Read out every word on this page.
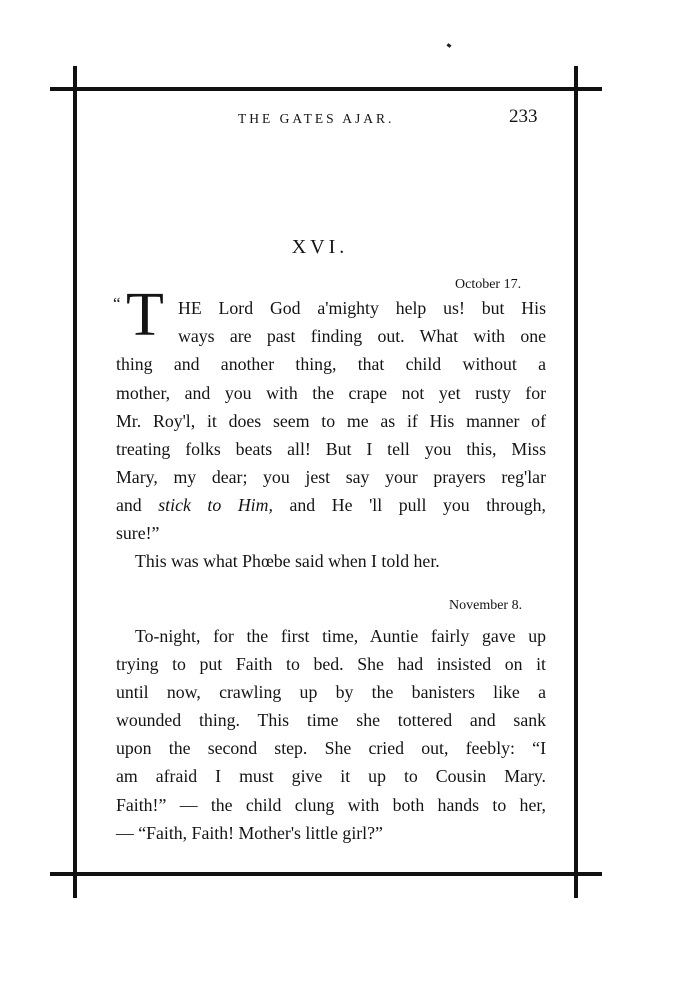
THE GATES AJAR.	233
XVI.
October 17.
“ T HE Lord God a'mighty help us! but His
ways are past finding out. What with one
thing and another thing, that child without a
mother, and you with the crape not yet rusty for
Mr. Roy'l, it does seem to me as if His manner of
treating folks beats all! But I tell you this, Miss
Mary, my dear; you jest say your prayers reg'lar
and stick to Him, and He 'll pull you through,
sure!”
This was what Phœbe said when I told her.
November 8.
To-night, for the first time, Auntie fairly gave up
trying to put Faith to bed. She had insisted on it
until now, crawling up by the banisters like a
wounded thing. This time she tottered and sank
upon the second step. She cried out, feebly: “I
am afraid I must give it up to Cousin Mary.
Faith!” — the child clung with both hands to her,
— “Faith, Faith! Mother's little girl?”
